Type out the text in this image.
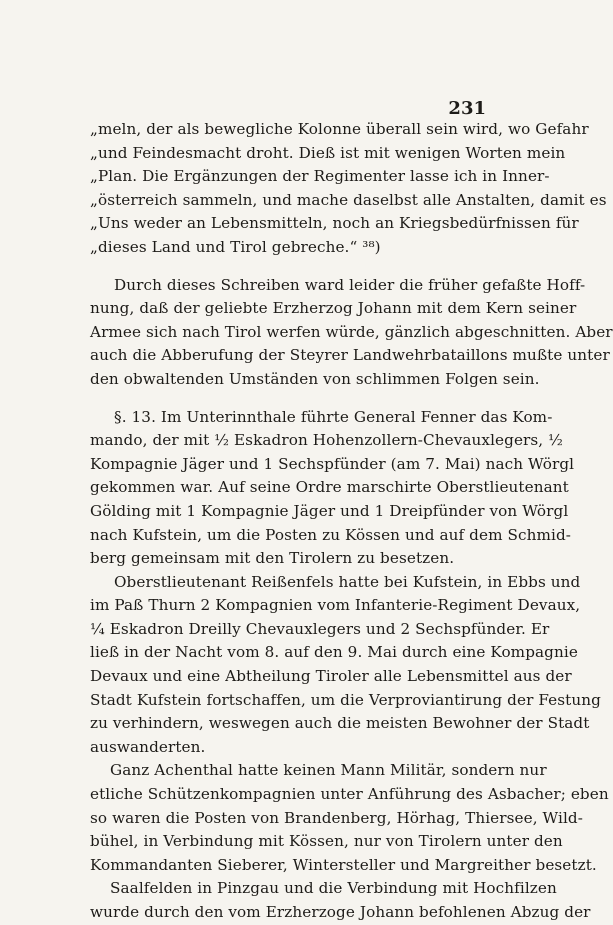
231
„meln, der als bewegliche Kolonne überall sein wird, wo Gefahr
„und Feindesmacht droht. Dieß ist mit wenigen Worten mein
„Plan. Die Ergänzungen der Regimenter lasse ich in Inner-
„österreich sammeln, und mache daselbst alle Anstalten, damit es
„Uns weder an Lebensmitteln, noch an Kriegsbedürfnissen für
„dieses Land und Tirol gebreche.“ ³⁸)
Durch dieses Schreiben ward leider die früher gefaßte Hoff-
nung, daß der geliebte Erzherzog Johann mit dem Kern seiner
Armee sich nach Tirol werfen würde, gänzlich abgeschnitten. Aber
auch die Abberufung der Steyrer Landwehrbataillons mußte unter
den obwaltenden Umständen von schlimmen Folgen sein.
§. 13. Im Unterinnthale führte General Fenner das Kom-
mando, der mit ½ Eskadron Hohenzollern-Chevauxlegers, ½
Kompagnie Jäger und 1 Sechspfünder (am 7. Mai) nach Wörgl
gekommen war. Auf seine Ordre marschirte Oberstlieutenant
Gölding mit 1 Kompagnie Jäger und 1 Dreipfünder von Wörgl
nach Kufstein, um die Posten zu Kössen und auf dem Schmid-
berg gemeinsam mit den Tirolern zu besetzen.
Oberstlieutenant Reißenfels hatte bei Kufstein, in Ebbs und
im Paß Thurn 2 Kompagnien vom Infanterie-Regiment Devaux,
¼ Eskadron Dreilly Chevauxlegers und 2 Sechspfünder. Er
ließ in der Nacht vom 8. auf den 9. Mai durch eine Kompagnie
Devaux und eine Abtheilung Tiroler alle Lebensmittel aus der
Stadt Kufstein fortschaffen, um die Verproviantirung der Festung
zu verhindern, weswegen auch die meisten Bewohner der Stadt
auswanderten.
Ganz Achenthal hatte keinen Mann Militär, sondern nur
etliche Schützenkompagnien unter Anführung des Asbacher; eben
so waren die Posten von Brandenberg, Hörhag, Thiersee, Wild-
bühel, in Verbindung mit Kössen, nur von Tirolern unter den
Kommandanten Sieberer, Wintersteller und Margreither besetzt.
Saalfelden in Pinzgau und die Verbindung mit Hochfilzen
wurde durch den vom Erzherzoge Johann befohlenen Abzug der
